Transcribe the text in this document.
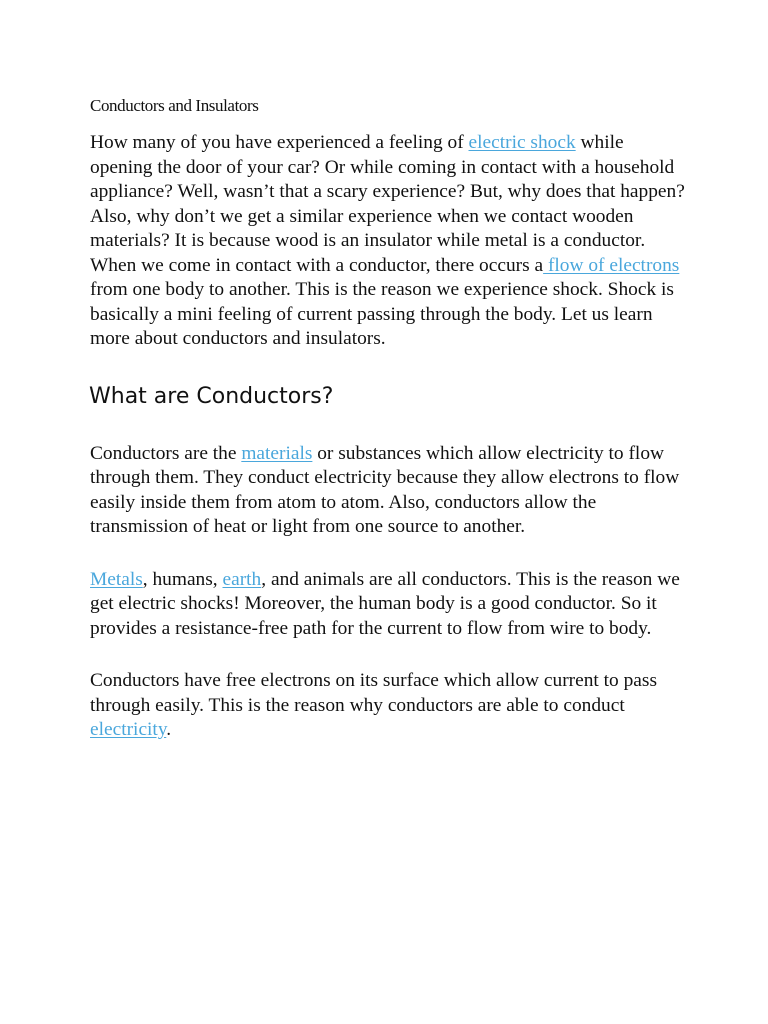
Conductors and Insulators

How many of you have experienced a feeling of electric shock while opening the door of your car? Or while coming in contact with a household appliance? Well, wasn’t that a scary experience? But, why does that happen? Also, why don’t we get a similar experience when we contact wooden materials? It is because wood is an insulator while metal is a conductor. When we come in contact with a conductor, there occurs a flow of electrons from one body to another. This is the reason we experience shock. Shock is basically a mini feeling of current passing through the body. Let us learn more about conductors and insulators.

What are Conductors?

Conductors are the materials or substances which allow electricity to flow through them. They conduct electricity because they allow electrons to flow easily inside them from atom to atom. Also, conductors allow the transmission of heat or light from one source to another.

Metals, humans, earth, and animals are all conductors. This is the reason we get electric shocks! Moreover, the human body is a good conductor. So it provides a resistance-free path for the current to flow from wire to body.

Conductors have free electrons on its surface which allow current to pass through easily. This is the reason why conductors are able to conduct electricity.
